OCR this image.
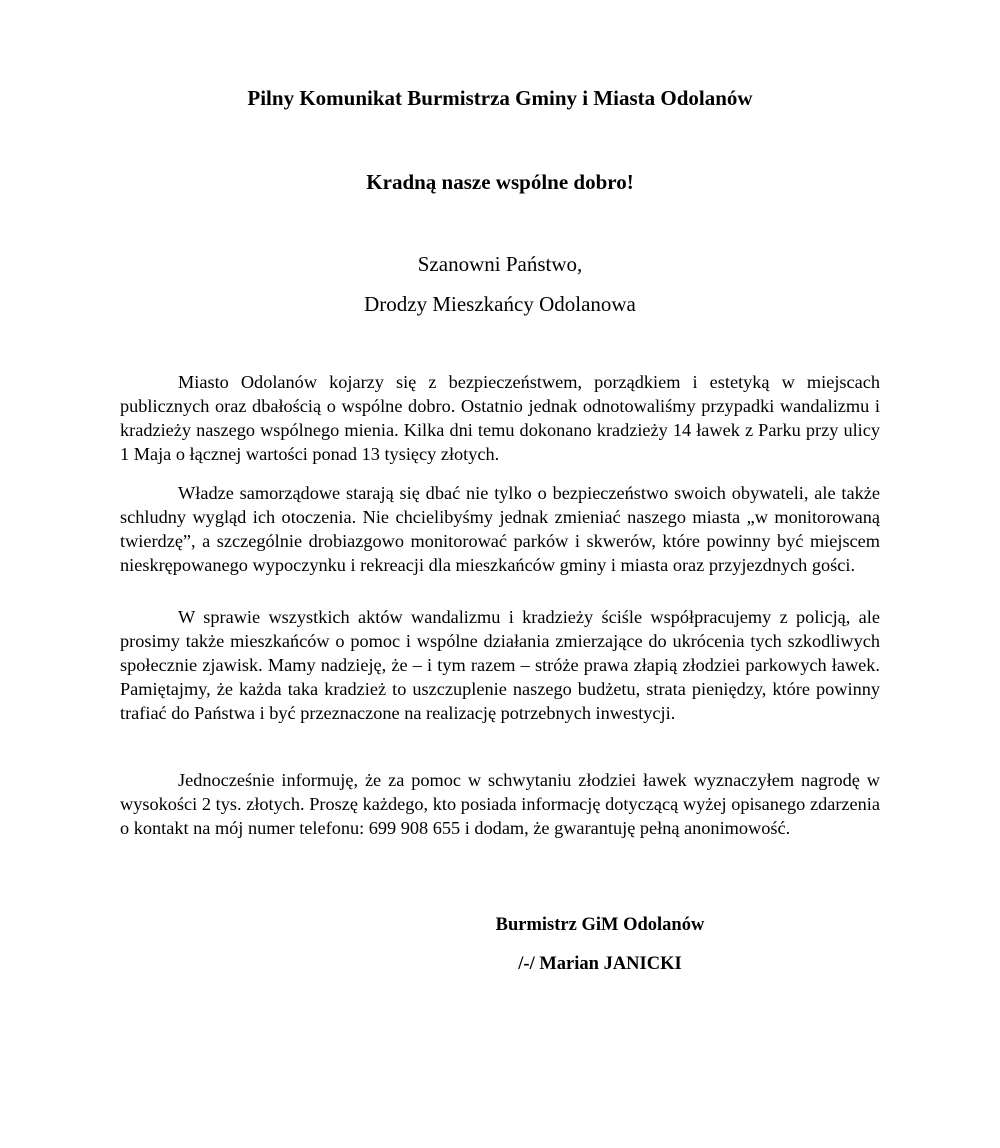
Pilny Komunikat Burmistrza Gminy i Miasta Odolanów
Kradną nasze wspólne dobro!

Szanowni Państwo,

Drodzy Mieszkańcy Odolanowa

Miasto Odolanów kojarzy się z bezpieczeństwem, porządkiem i estetyką w miejscach publicznych oraz dbałością o wspólne dobro. Ostatnio jednak odnotowaliśmy przypadki wandalizmu i kradzieży naszego wspólnego mienia. Kilka dni temu dokonano kradzieży 14 ławek z Parku przy ulicy 1 Maja o łącznej wartości ponad 13 tysięcy złotych.

Władze samorządowe starają się dbać nie tylko o bezpieczeństwo swoich obywateli, ale także schludny wygląd ich otoczenia. Nie chcielibyśmy jednak zmieniać naszego miasta „w monitorowaną twierdzę”, a szczególnie drobiazgowo monitorować parków i skwerów, które powinny być miejscem nieskrępowanego wypoczynku i rekreacji dla mieszkańców gminy i miasta oraz przyjezdnych gości.

W sprawie wszystkich aktów wandalizmu i kradzieży ściśle współpracujemy z policją, ale prosimy także mieszkańców o pomoc i wspólne działania zmierzające do ukrócenia tych szkodliwych społecznie zjawisk. Mamy nadzieję, że – i tym razem – stróże prawa złapią złodziei parkowych ławek. Pamiętajmy, że każda taka kradzież to uszczuplenie naszego budżetu, strata pieniędzy, które powinny trafiać do Państwa i być przeznaczone na realizację potrzebnych inwestycji.

Jednocześnie informuję, że za pomoc w schwytaniu złodziei ławek wyznaczyłem nagrodę w wysokości 2 tys. złotych. Proszę każdego, kto posiada informację dotyczącą wyżej opisanego zdarzenia o kontakt na mój numer telefonu: 699 908 655 i dodam, że gwarantuję pełną anonimowość.

Burmistrz GiM Odolanów

/-/ Marian JANICKI
